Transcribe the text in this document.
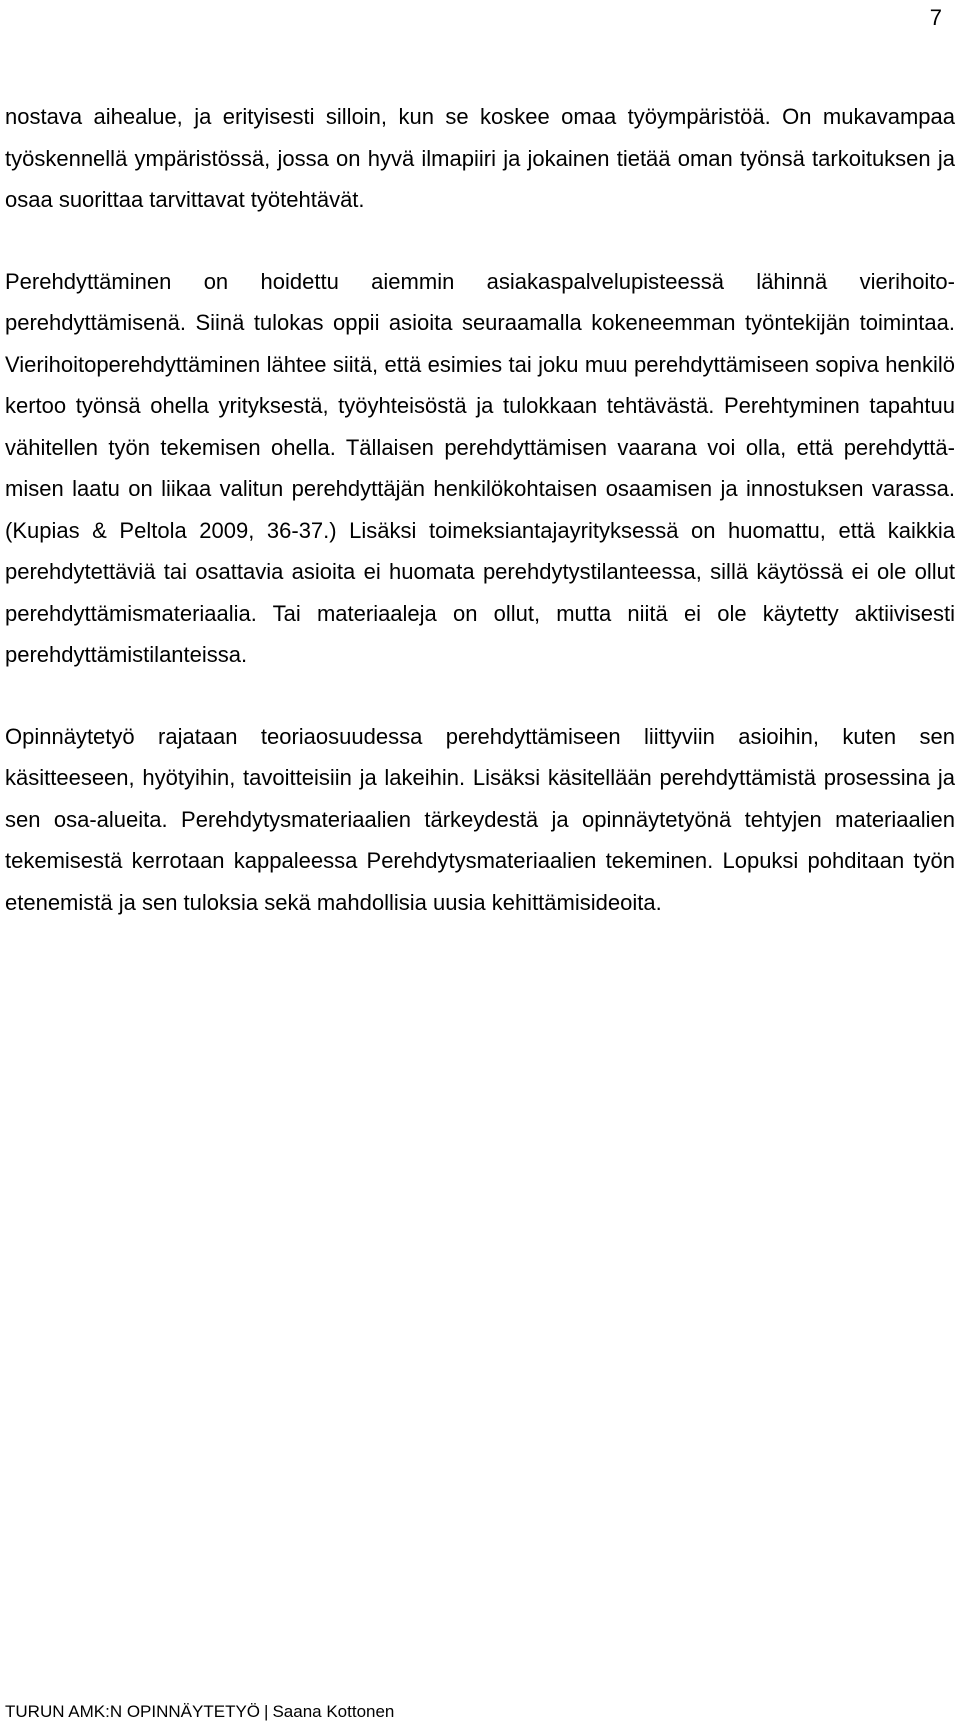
7

nostava aihealue, ja erityisesti silloin, kun se koskee omaa työympäristöä. On mukavampaa työskennellä ympäristössä, jossa on hyvä ilmapiiri ja jokainen tietää oman työnsä tarkoituksen ja osaa suorittaa tarvittavat työtehtävät.

Perehdyttäminen on hoidettu aiemmin asiakaspalvelupisteessä lähinnä vierihoitoperehdyttämisenä. Siinä tulokas oppii asioita seuraamalla kokeneemman työntekijän toimintaa. Vierihoitoperehdyttäminen lähtee siitä, että esimies tai joku muu perehdyttämiseen sopiva henkilö kertoo työnsä ohella yrityksestä, työyhteisöstä ja tulokkaan tehtävästä. Perehtyminen tapahtuu vähitellen työn tekemisen ohella. Tällaisen perehdyttämisen vaarana voi olla, että perehdyttämisen laatu on liikaa valitun perehdyttäjän henkilökohtaisen osaamisen ja innostuksen varassa. (Kupias & Peltola 2009, 36-37.) Lisäksi toimeksiantajayrityksessä on huomattu, että kaikkia perehdytettäviä tai osattavia asioita ei huomata perehdytystilanteessa, sillä käytössä ei ole ollut perehdyttämismateriaalia. Tai materiaaleja on ollut, mutta niitä ei ole käytetty aktiivisesti perehdyttämistilanteissa.

Opinnäytetyö rajataan teoriaosuudessa perehdyttämiseen liittyviin asioihin, kuten sen käsitteeseen, hyötyihin, tavoitteisiin ja lakeihin. Lisäksi käsitellään perehdyttämistä prosessina ja sen osa-alueita. Perehdytysmateriaalien tärkeydestä ja opinnäytetyönä tehtyjen materiaalien tekemisestä kerrotaan kappaleessa Perehdytysmateriaalien tekeminen. Lopuksi pohditaan työn etenemistä ja sen tuloksia sekä mahdollisia uusia kehittämisideoita.

TURUN AMK:N OPINNÄYTETYÖ | Saana Kottonen
